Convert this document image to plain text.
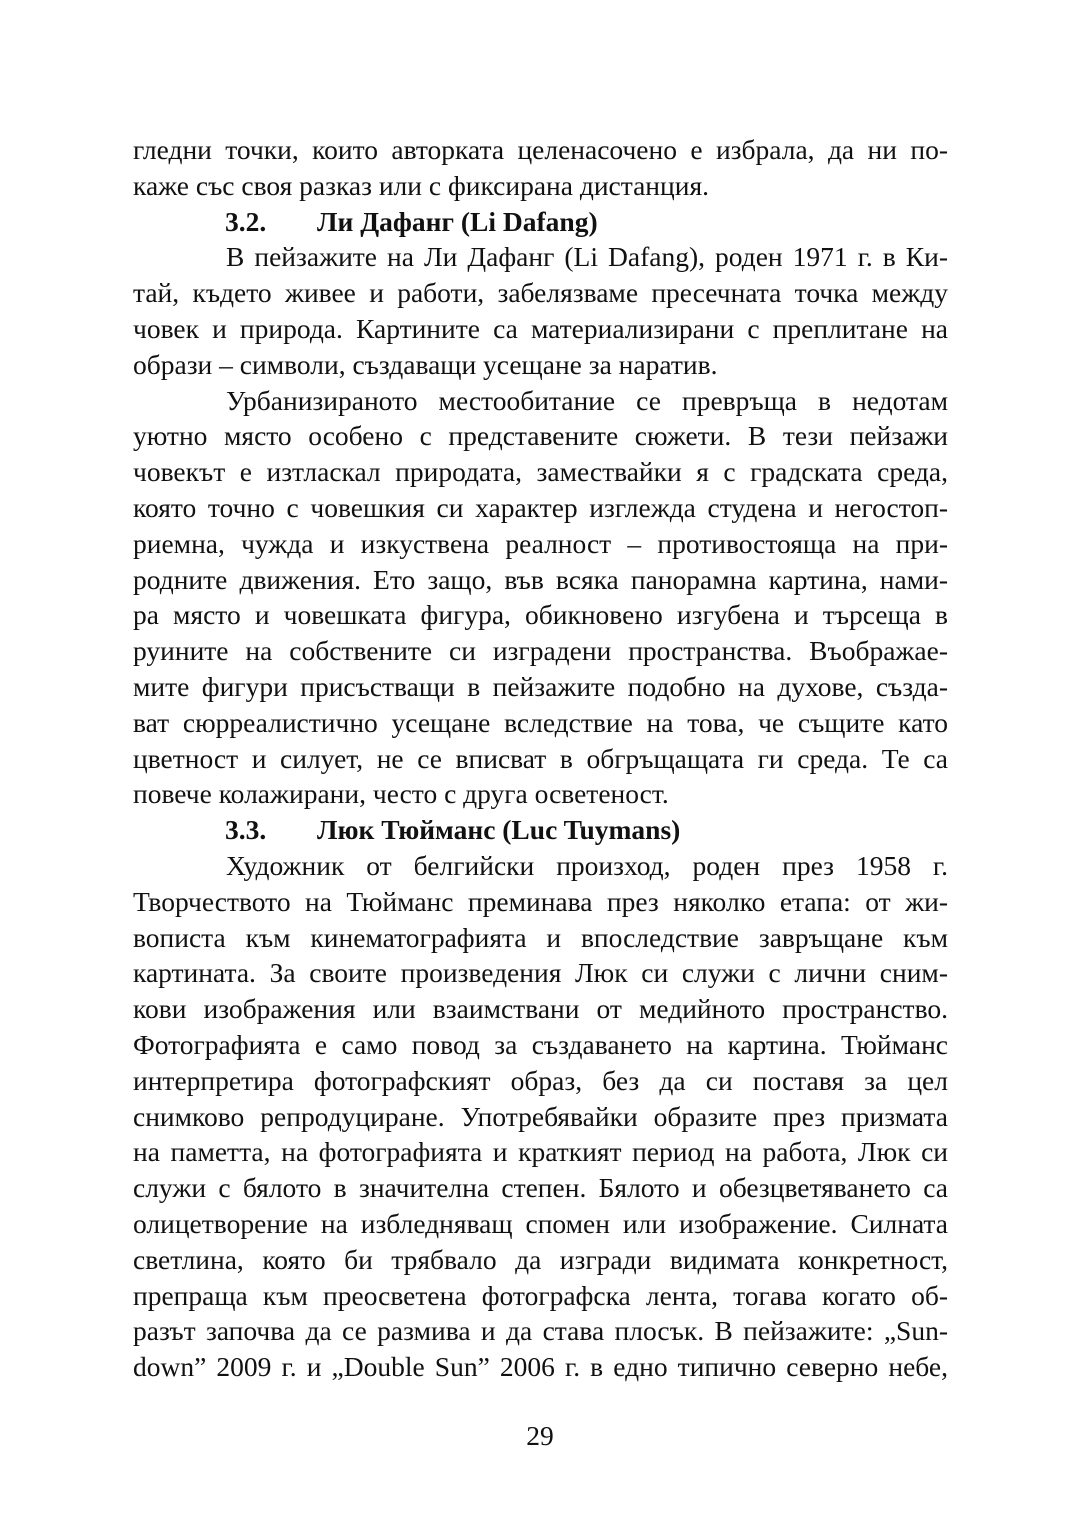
гледни точки, които авторката целенасочено е избрала, да ни по-
каже със своя разказ или с фиксирана дистанция.
3.2. Ли Дафанг (Li Dafang)
В пейзажите на Ли Дафанг (Li Dafang), роден 1971 г. в Ки-
тай, където живее и работи, забелязваме пресечната точка между
човек и природа. Картините са материализирани с преплитане на
образи – символи, създаващи усещане за наратив.
Урбанизираното местообитание се превръща в недотам
уютно място особено с представените сюжети. В тези пейзажи
човекът е изтласкал природата, замествайки я с градската среда,
която точно с човешкия си характер изглежда студена и негостоп-
риемна, чужда и изкуствена реалност – противостояща на при-
родните движения. Ето защо, във всяка панорамна картина, нами-
ра място и човешката фигура, обикновено изгубена и търсеща в
руините на собствените си изградени пространства. Въображае-
мите фигури присъстващи в пейзажите подобно на духове, създа-
ват сюрреалистично усещане вследствие на това, че същите като
цветност и силует, не се вписват в обгръщащата ги среда. Те са
повече колажирани, често с друга осветеност.
3.3. Люк Тюйманс (Luc Tuymans)
Художник от белгийски произход, роден през 1958 г.
Творчеството на Тюйманс преминава през няколко етапа: от жи-
вописта към кинематографията и впоследствие завръщане към
картината. За своите произведения Люк си служи с лични сним-
кови изображения или взаимствани от медийното пространство.
Фотографията е само повод за създаването на картина. Тюйманс
интерпретира фотографският образ, без да си поставя за цел
снимково репродуциране. Употребявайки образите през призмата
на паметта, на фотографията и краткият период на работа, Люк си
служи с бялото в значителна степен. Бялото и обезцветяването са
олицетворение на избледняващ спомен или изображение. Силната
светлина, която би трябвало да изгради видимата конкретност,
препраща към преосветена фотографска лента, тогава когато об-
разът започва да се размива и да става плосък. В пейзажите: „Sun-
down” 2009 г. и „Double Sun” 2006 г. в едно типично северно небе,
29
